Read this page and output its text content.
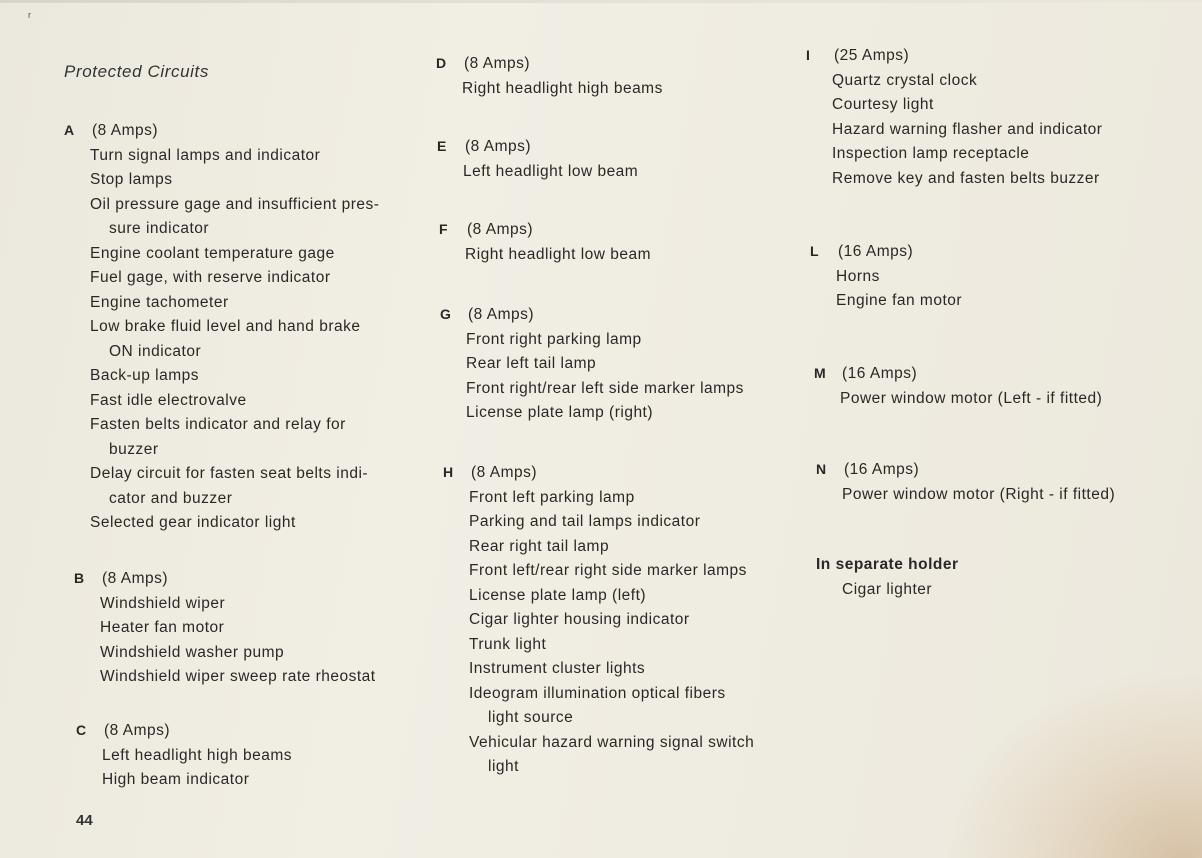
r
Protected Circuits
A (8 Amps)
Turn signal lamps and indicator
Stop lamps
Oil pressure gage and insufficient pres-
sure indicator
Engine coolant temperature gage
Fuel gage, with reserve indicator
Engine tachometer
Low brake fluid level and hand brake
ON indicator
Back-up lamps
Fast idle electrovalve
Fasten belts indicator and relay for
buzzer
Delay circuit for fasten seat belts indi-
cator and buzzer
Selected gear indicator light
B (8 Amps)
Windshield wiper
Heater fan motor
Windshield washer pump
Windshield wiper sweep rate rheostat
C (8 Amps)
Left headlight high beams
High beam indicator
D (8 Amps)
Right headlight high beams
E (8 Amps)
Left headlight low beam
F (8 Amps)
Right headlight low beam
G (8 Amps)
Front right parking lamp
Rear left tail lamp
Front right/rear left side marker lamps
License plate lamp (right)
H (8 Amps)
Front left parking lamp
Parking and tail lamps indicator
Rear right tail lamp
Front left/rear right side marker lamps
License plate lamp (left)
Cigar lighter housing indicator
Trunk light
Instrument cluster lights
Ideogram illumination optical fibers
light source
Vehicular hazard warning signal switch
light
I (25 Amps)
Quartz crystal clock
Courtesy light
Hazard warning flasher and indicator
Inspection lamp receptacle
Remove key and fasten belts buzzer
L (16 Amps)
Horns
Engine fan motor
M (16 Amps)
Power window motor (Left - if fitted)
N (16 Amps)
Power window motor (Right - if fitted)
In separate holder
Cigar lighter
44
